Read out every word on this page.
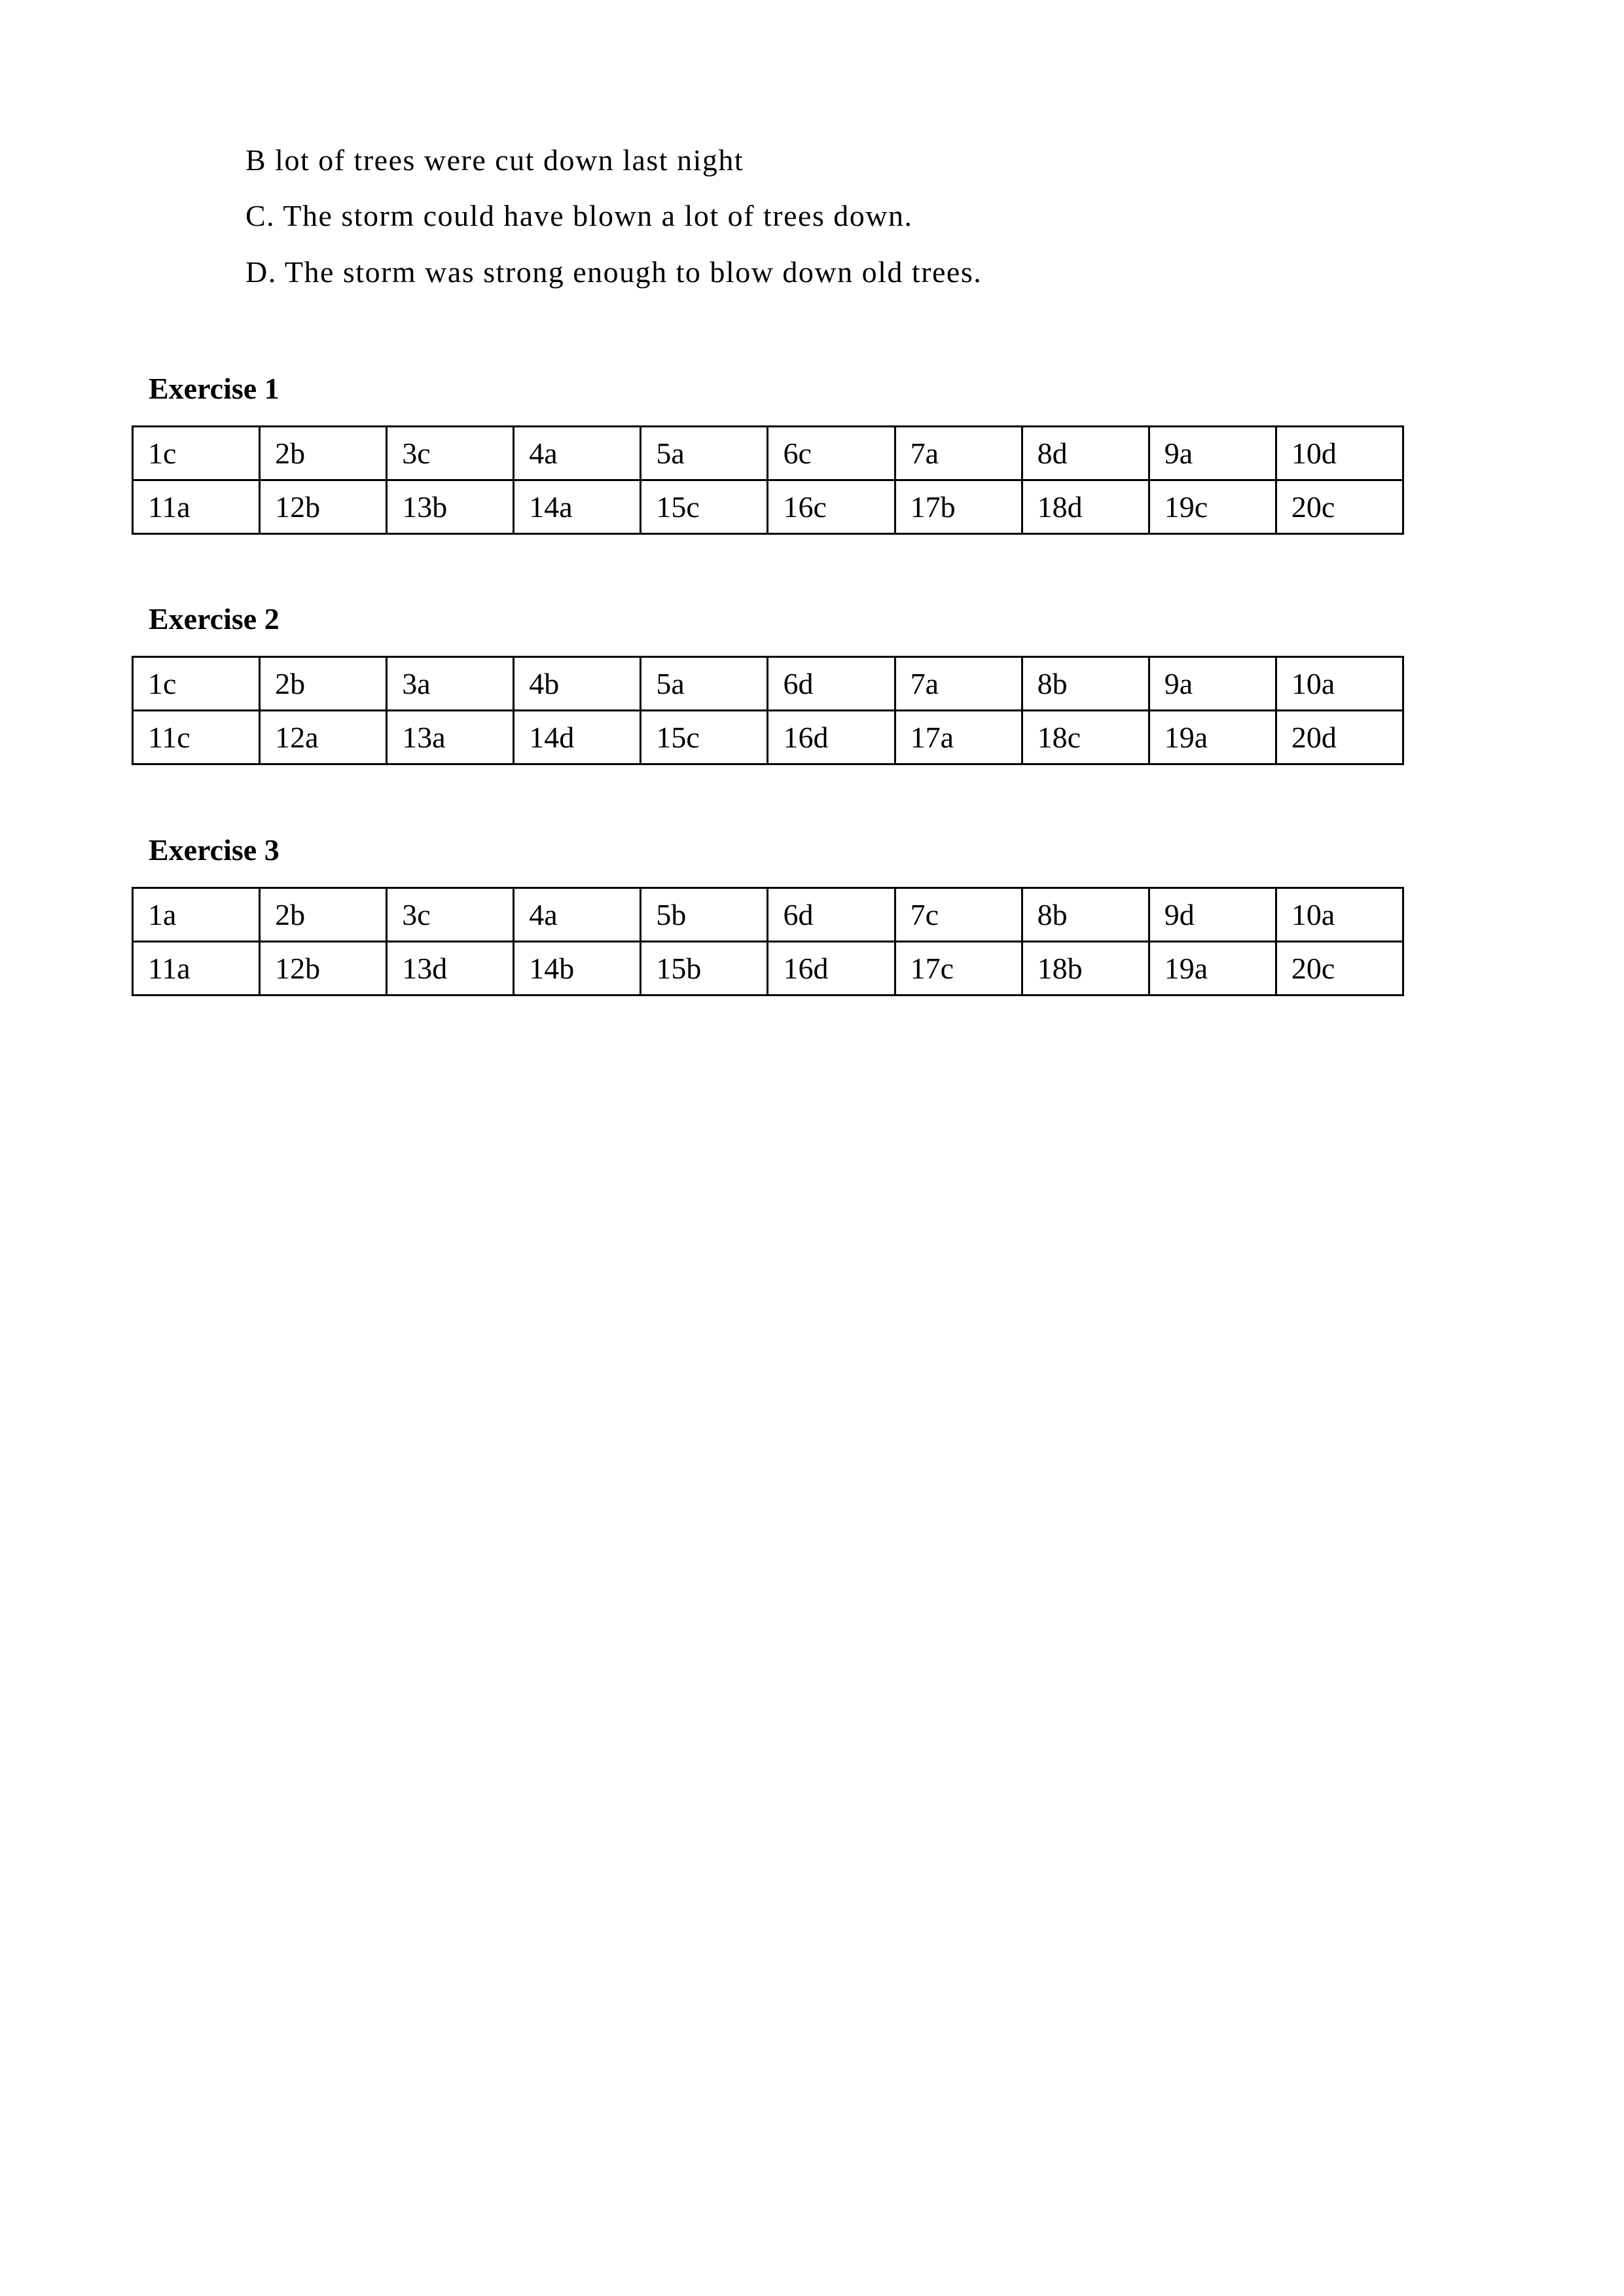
B lot of trees were cut down last night
C. The storm could have blown a lot of trees down.
D. The storm was strong enough to blow down old trees.
Exercise 1
1c	2b	3c	4a	5a	6c	7a	8d	9a	10d
11a	12b	13b	14a	15c	16c	17b	18d	19c	20c
Exercise 2
1c	2b	3a	4b	5a	6d	7a	8b	9a	10a
11c	12a	13a	14d	15c	16d	17a	18c	19a	20d
Exercise 3
1a	2b	3c	4a	5b	6d	7c	8b	9d	10a
11a	12b	13d	14b	15b	16d	17c	18b	19a	20c
